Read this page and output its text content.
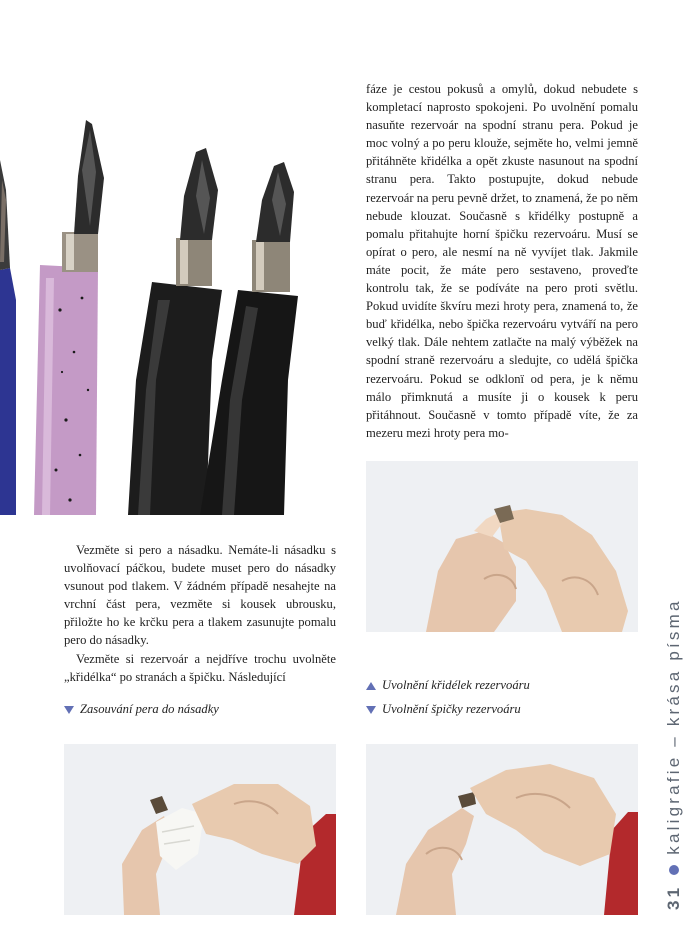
fáze je cestou pokusů a omylů, dokud nebudete s kompletací naprosto spokojeni. Po uvolnění pomalu nasuňte rezervoár na spodní stranu pera. Pokud je moc volný a po peru klouže, sejměte ho, velmi jemně přitáhněte křidélka a opět zkuste nasunout na spodní stranu pera. Takto postupujte, dokud nebude rezervoár na peru pevně držet, to znamená, že po něm nebude klouzat. Současně s křidélky postupně a pomalu přitahujte horní špičku rezervoáru. Musí se opírat o pero, ale nesmí na ně vyvíjet tlak. Jakmile máte pocit, že máte pero sestaveno, proveďte kontrolu tak, že se podíváte na pero proti světlu. Pokud uvidíte škvíru mezi hroty pera, znamená to, že buď křidélka, nebo špička rezervoáru vytváří na pero velký tlak. Dále nehtem zatlačte na malý výběžek na spodní straně rezervoáru a sledujte, co udělá špička rezervoáru. Pokud se odklonï od pera, je k němu málo přimknutá a musíte ji o kousek k peru přitáhnout. Současně v tomto případě víte, že za mezeru mezi hroty pera mo-

Uvolnění křidélek rezervoáru
Uvolnění špičky rezervoáru

Vezměte si pero a násadku. Nemáte-li násadku s uvolňovací páčkou, budete muset pero do násadky vsunout pod tlakem. V žádném případě nesahejte na vrchní část pera, vezměte si kousek ubrousku, přiložte ho ke krčku pera a tlakem zasunujte pomalu pero do násadky.

Vezměte si rezervoár a nejdříve trochu uvolněte „křidélka“ po stranách a špičku. Následující

Zasouvání pera do násadky
31kaligrafie – krása písma
